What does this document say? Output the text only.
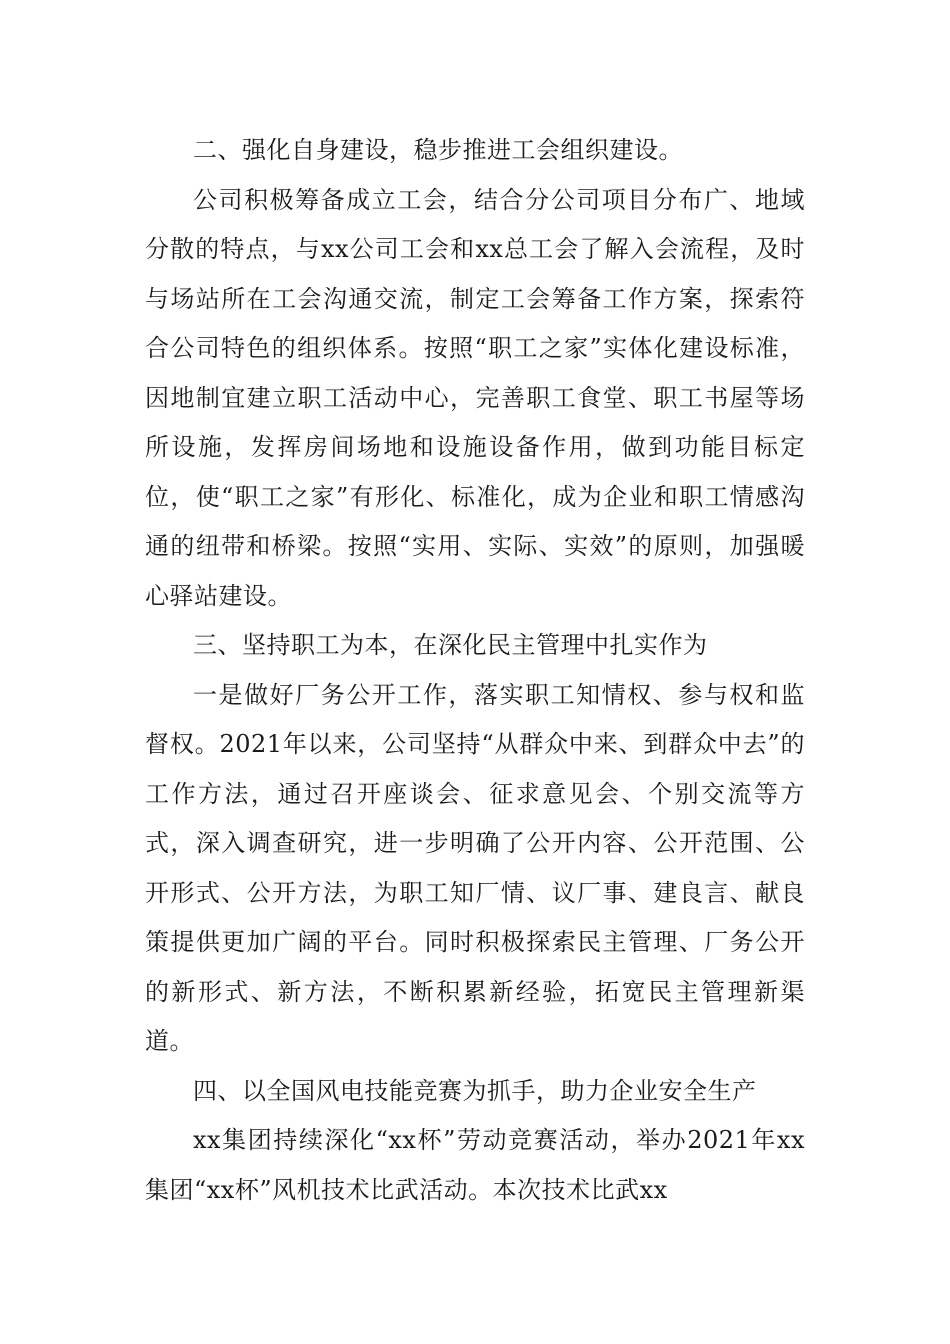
二、强化自身建设，稳步推进工会组织建设。

公司积极筹备成立工会，结合分公司项目分布广、地域分散的特点，与xx公司工会和xx总工会了解入会流程，及时与场站所在工会沟通交流，制定工会筹备工作方案，探索符合公司特色的组织体系。按照“职工之家”实体化建设标准，因地制宜建立职工活动中心，完善职工食堂、职工书屋等场所设施，发挥房间场地和设施设备作用，做到功能目标定位，使“职工之家”有形化、标准化，成为企业和职工情感沟通的纽带和桥梁。按照“实用、实际、实效”的原则，加强暖心驿站建设。

三、坚持职工为本，在深化民主管理中扎实作为

一是做好厂务公开工作，落实职工知情权、参与权和监督权。2021年以来，公司坚持“从群众中来、到群众中去”的工作方法，通过召开座谈会、征求意见会、个别交流等方式，深入调查研究，进一步明确了公开内容、公开范围、公开形式、公开方法，为职工知厂情、议厂事、建良言、献良策提供更加广阔的平台。同时积极探索民主管理、厂务公开的新形式、新方法，不断积累新经验，拓宽民主管理新渠道。

四、以全国风电技能竞赛为抓手，助力企业安全生产

xx集团持续深化“xx杯”劳动竞赛活动，举办2021年xx集团“xx杯”风机技术比武活动。本次技术比武xx
